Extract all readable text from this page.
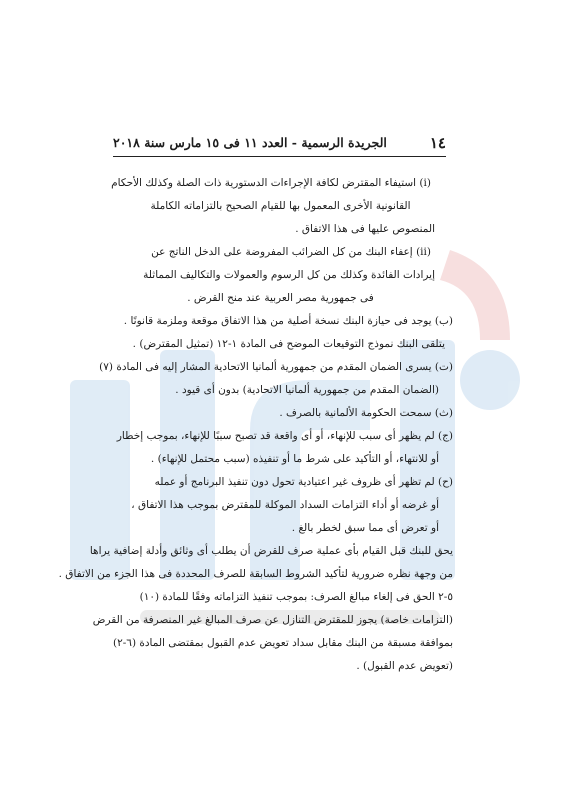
١٤
الجريدة الرسمية - العدد ١١ فى ١٥ مارس سنة ٢٠١٨
(i) استيفاء المقترض لكافة الإجراءات الدستورية ذات الصلة وكذلك الأحكام
القانونية الأخرى المعمول بها للقيام الصحيح بالتزاماته الكاملة
المنصوص عليها فى هذا الاتفاق .
(ii) إعفاء البنك من كل الضرائب المفروضة على الدخل الناتج عن
إيرادات الفائدة وكذلك من كل الرسوم والعمولات والتكاليف المماثلة
فى جمهورية مصر العربية عند منح القرض .
(ب) يوجد فى حيازة البنك نسخة أصلية من هذا الاتفاق موقعة وملزمة قانونًا .
يتلقى البنك نموذج التوقيعات الموضح فى المادة ١-١٢ (تمثيل المقترض) .
(ت) يسرى الضمان المقدم من جمهورية ألمانيا الاتحادية المشار إليه فى المادة (٧)
(الضمان المقدم من جمهورية ألمانيا الاتحادية) بدون أى قيود .
(ث) سمحت الحكومة الألمانية بالصرف .
(ج) لم يظهر أى سبب للإنهاء، أو أى واقعة قد تصبح سببًا للإنهاء، بموجب إخطار
أو للانتهاء، أو التأكيد على شرط ما أو تنفيذه (سبب محتمل للإنهاء) .
(ح) لم تظهر أى ظروف غير اعتيادية تحول دون تنفيذ البرنامج أو عمله
أو غرضه أو أداء التزامات السداد الموكلة للمقترض بموجب هذا الاتفاق ،
أو تعرض أى مما سبق لخطر بالغ .
يحق للبنك قبل القيام بأى عملية صرف للقرض أن يطلب أى وثائق وأدلة إضافية يراها
من وجهة نظره ضرورية لتأكيد الشروط السابقة للصرف المحددة فى هذا الجزء من الاتفاق .
٥-٢ الحق فى إلغاء مبالغ الصرف: بموجب تنفيذ التزاماته وفقًا للمادة (١٠)
(التزامات خاصة) يجوز للمقترض التنازل عن صرف المبالغ غير المنصرفة من القرض
بموافقة مسبقة من البنك مقابل سداد تعويض عدم القبول بمقتضى المادة (٦-٢)
(تعويض عدم القبول) .
